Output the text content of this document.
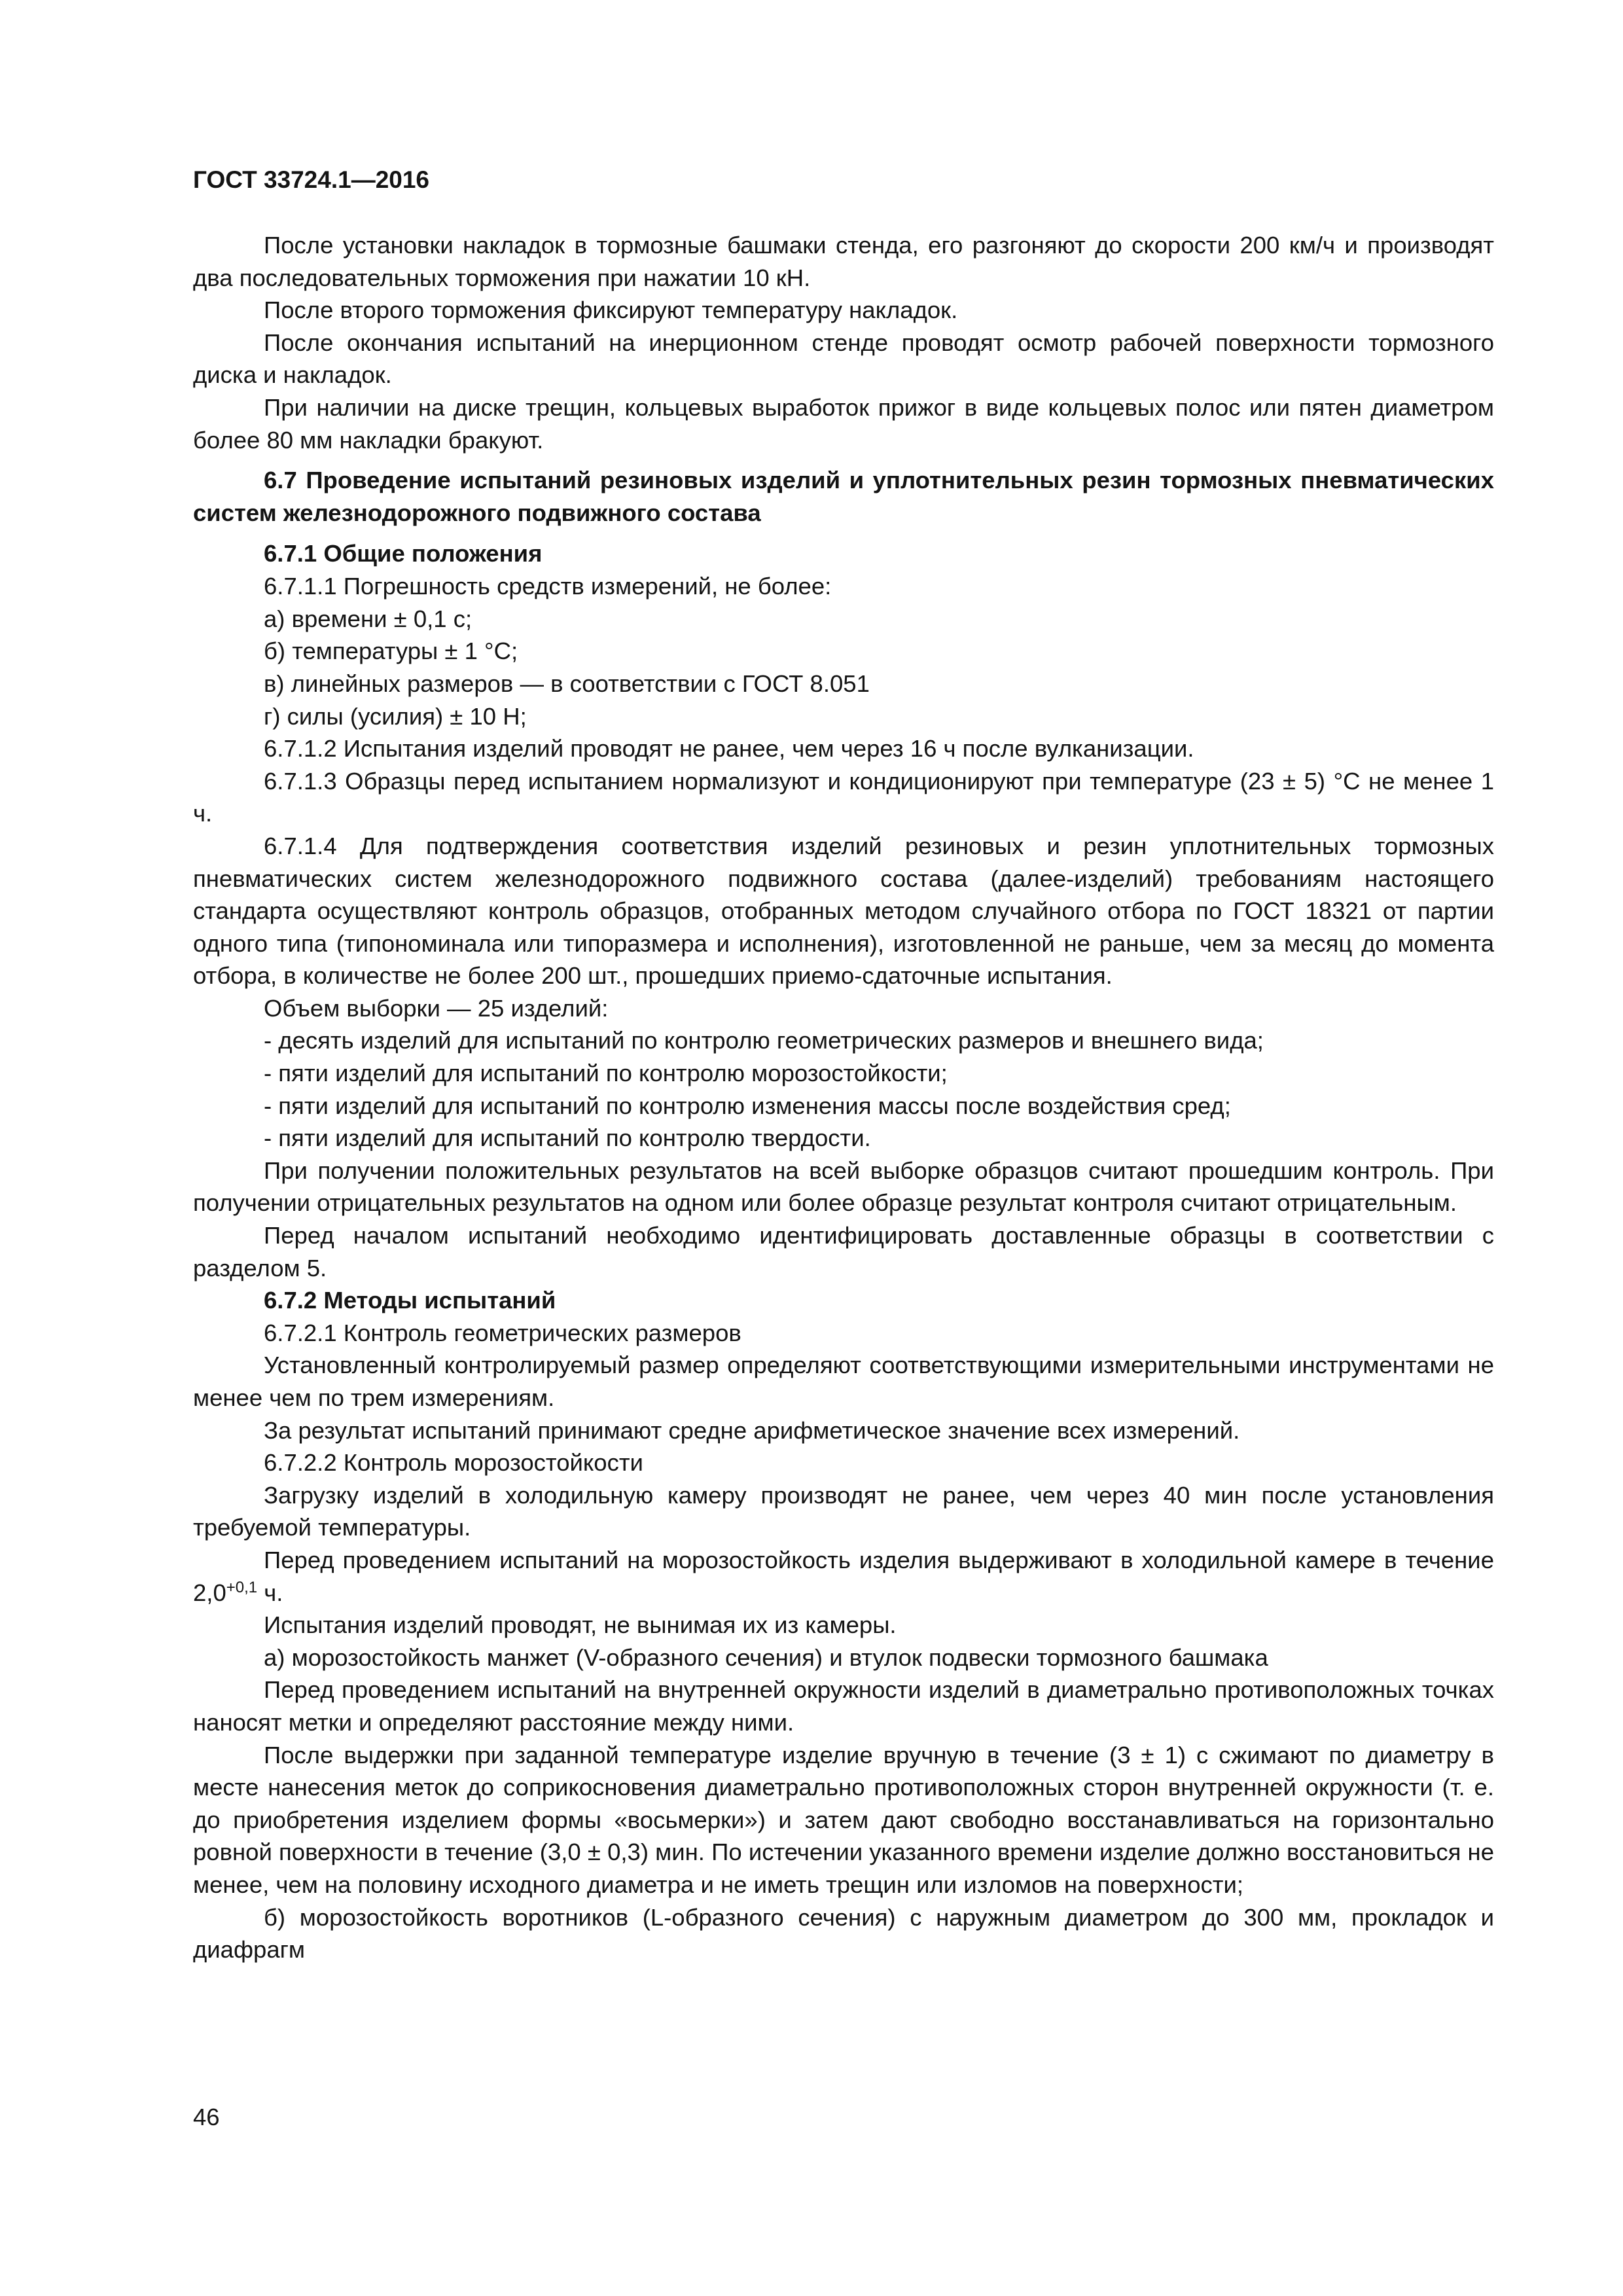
ГОСТ 33724.1—2016

После установки накладок в тормозные башмаки стенда, его разгоняют до скорости 200 км/ч и производят два последовательных торможения при нажатии 10 кН.

После второго торможения фиксируют температуру накладок.

После окончания испытаний на инерционном стенде проводят осмотр рабочей поверхности тормозного диска и накладок.

При наличии на диске трещин, кольцевых выработок прижог в виде кольцевых полос или пятен диаметром более 80 мм накладки бракуют.

6.7 Проведение испытаний резиновых изделий и уплотнительных резин тормозных пневматических систем железнодорожного подвижного состава

6.7.1 Общие положения

6.7.1.1 Погрешность средств измерений, не более:

а) времени ± 0,1 с;

б) температуры ± 1 °С;

в) линейных размеров — в соответствии с ГОСТ 8.051

г) силы (усилия) ± 10 Н;

6.7.1.2 Испытания изделий проводят не ранее, чем через 16 ч после вулканизации.

6.7.1.3 Образцы перед испытанием нормализуют и кондиционируют при температуре (23 ± 5) °С не менее 1 ч.

6.7.1.4 Для подтверждения соответствия изделий резиновых и резин уплотнительных тормозных пневматических систем железнодорожного подвижного состава (далее-изделий) требованиям настоящего стандарта осуществляют контроль образцов, отобранных методом случайного отбора по ГОСТ 18321 от партии одного типа (типономинала или типоразмера и исполнения), изготовленной не раньше, чем за месяц до момента отбора, в количестве не более 200 шт., прошедших приемо-сдаточные испытания.

Объем выборки — 25 изделий:

- десять изделий для испытаний по контролю геометрических размеров и внешнего вида;

- пяти изделий для испытаний по контролю морозостойкости;

- пяти изделий для испытаний по контролю изменения массы после воздействия сред;

- пяти изделий для испытаний по контролю твердости.

При получении положительных результатов на всей выборке образцов считают прошедшим контроль. При получении отрицательных результатов на одном или более образце результат контроля считают отрицательным.

Перед началом испытаний необходимо идентифицировать доставленные образцы в соответствии с разделом 5.

6.7.2 Методы испытаний

6.7.2.1 Контроль геометрических размеров

Установленный контролируемый размер определяют соответствующими измерительными инструментами не менее чем по трем измерениям.

За результат испытаний принимают средне арифметическое значение всех измерений.

6.7.2.2 Контроль морозостойкости

Загрузку изделий в холодильную камеру производят не ранее, чем через 40 мин после установления требуемой температуры.

Перед проведением испытаний на морозостойкость изделия выдерживают в холодильной камере в течение $2,0^{+0,1}$ ч.

Испытания изделий проводят, не вынимая их из камеры.

а) морозостойкость манжет (V-образного сечения) и втулок подвески тормозного башмака

Перед проведением испытаний на внутренней окружности изделий в диаметрально противоположных точках наносят метки и определяют расстояние между ними.

После выдержки при заданной температуре изделие вручную в течение (3 ± 1) с сжимают по диаметру в месте нанесения меток до соприкосновения диаметрально противоположных сторон внутренней окружности (т. е. до приобретения изделием формы «восьмерки») и затем дают свободно восстанавливаться на горизонтально ровной поверхности в течение (3,0 ± 0,3) мин. По истечении указанного времени изделие должно восстановиться не менее, чем на половину исходного диаметра и не иметь трещин или изломов на поверхности;

б) морозостойкость воротников (L-образного сечения) с наружным диаметром до 300 мм, прокладок и диафрагм

46
